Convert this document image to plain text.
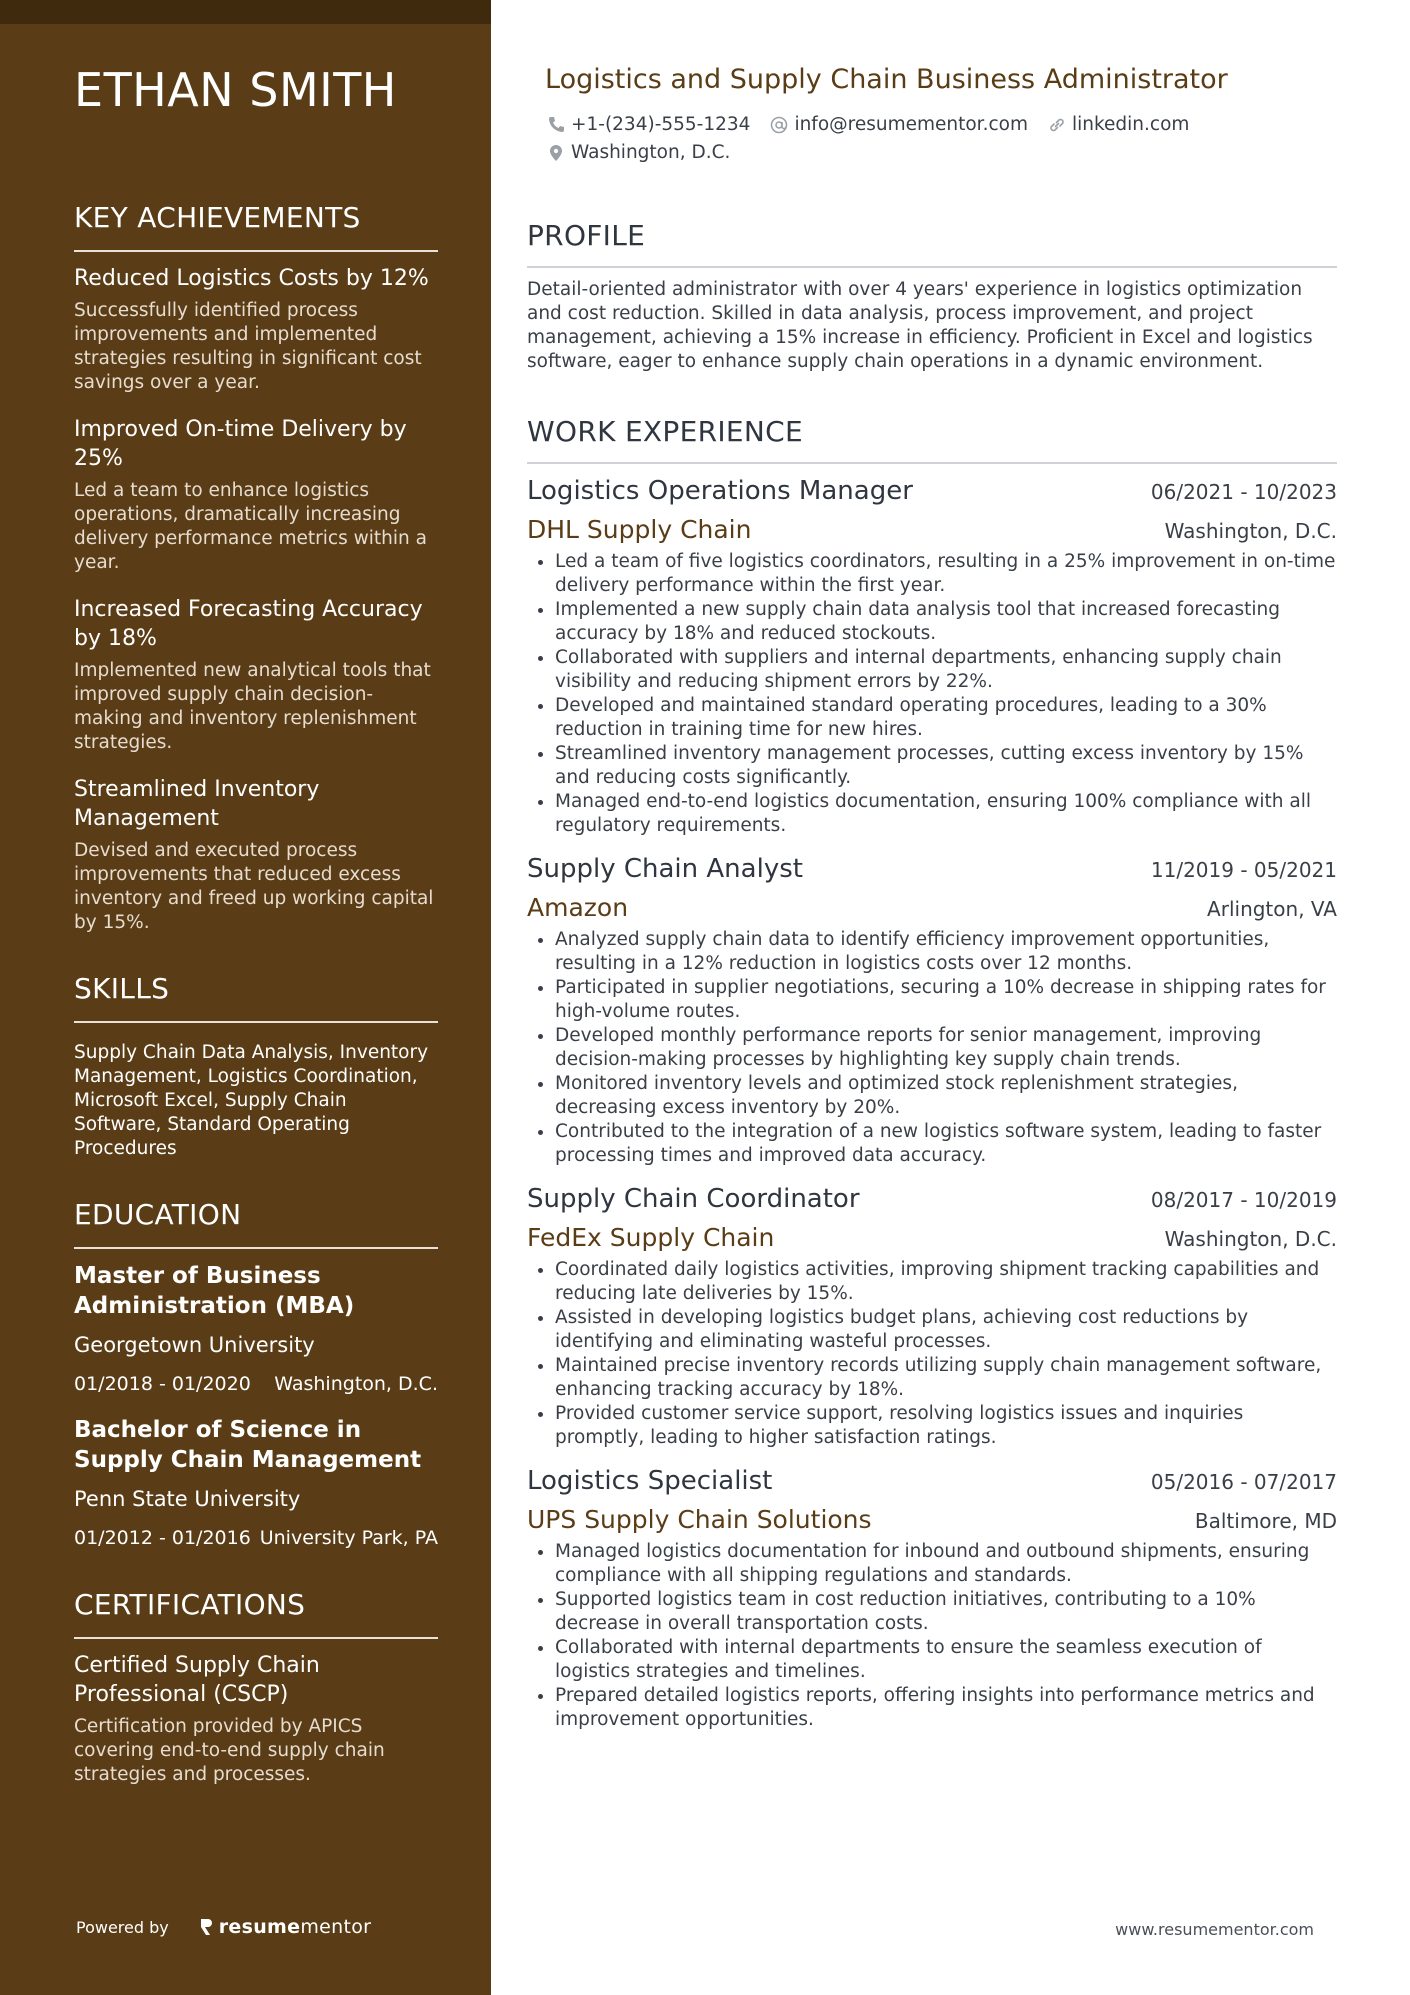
ETHAN SMITH
KEY ACHIEVEMENTS
Reduced Logistics Costs by 12%
Successfully identified process improvements and implemented strategies resulting in significant cost savings over a year.
Improved On-time Delivery by 25%
Led a team to enhance logistics operations, dramatically increasing delivery performance metrics within a year.
Increased Forecasting Accuracy by 18%
Implemented new analytical tools that improved supply chain decision-making and inventory replenishment strategies.
Streamlined Inventory Management
Devised and executed process improvements that reduced excess inventory and freed up working capital by 15%.
SKILLS
Supply Chain Data Analysis, Inventory Management, Logistics Coordination, Microsoft Excel, Supply Chain Software, Standard Operating Procedures
EDUCATION
Master of Business Administration (MBA)
Georgetown University
01/2018 - 01/2020 Washington, D.C.
Bachelor of Science in Supply Chain Management
Penn State University
01/2012 - 01/2016 University Park, PA
CERTIFICATIONS
Certified Supply Chain Professional (CSCP)
Certification provided by APICS covering end-to-end supply chain strategies and processes.
Powered by	resume mentor
Logistics and Supply Chain Business Administrator
+1-(234)-555-1234 info@resumementor.com linkedin.com
Washington, D.C.
PROFILE
Detail-oriented administrator with over 4 years' experience in logistics optimization and cost reduction. Skilled in data analysis, process improvement, and project management, achieving a 15% increase in efficiency. Proficient in Excel and logistics software, eager to enhance supply chain operations in a dynamic environment.
WORK EXPERIENCE
Logistics Operations Manager	06/2021 - 10/2023
DHL Supply Chain	Washington, D.C.
• Led a team of five logistics coordinators, resulting in a 25% improvement in on-time delivery performance within the first year.
• Implemented a new supply chain data analysis tool that increased forecasting accuracy by 18% and reduced stockouts.
• Collaborated with suppliers and internal departments, enhancing supply chain visibility and reducing shipment errors by 22%.
• Developed and maintained standard operating procedures, leading to a 30% reduction in training time for new hires.
• Streamlined inventory management processes, cutting excess inventory by 15% and reducing costs significantly.
• Managed end-to-end logistics documentation, ensuring 100% compliance with all regulatory requirements.
Supply Chain Analyst	11/2019 - 05/2021
Amazon	Arlington, VA
• Analyzed supply chain data to identify efficiency improvement opportunities, resulting in a 12% reduction in logistics costs over 12 months.
• Participated in supplier negotiations, securing a 10% decrease in shipping rates for high-volume routes.
• Developed monthly performance reports for senior management, improving decision-making processes by highlighting key supply chain trends.
• Monitored inventory levels and optimized stock replenishment strategies, decreasing excess inventory by 20%.
• Contributed to the integration of a new logistics software system, leading to faster processing times and improved data accuracy.
Supply Chain Coordinator	08/2017 - 10/2019
FedEx Supply Chain	Washington, D.C.
• Coordinated daily logistics activities, improving shipment tracking capabilities and reducing late deliveries by 15%.
• Assisted in developing logistics budget plans, achieving cost reductions by identifying and eliminating wasteful processes.
• Maintained precise inventory records utilizing supply chain management software, enhancing tracking accuracy by 18%.
• Provided customer service support, resolving logistics issues and inquiries promptly, leading to higher satisfaction ratings.
Logistics Specialist	05/2016 - 07/2017
UPS Supply Chain Solutions	Baltimore, MD
• Managed logistics documentation for inbound and outbound shipments, ensuring compliance with all shipping regulations and standards.
• Supported logistics team in cost reduction initiatives, contributing to a 10% decrease in overall transportation costs.
• Collaborated with internal departments to ensure the seamless execution of logistics strategies and timelines.
• Prepared detailed logistics reports, offering insights into performance metrics and improvement opportunities.
www.resumementor.com
